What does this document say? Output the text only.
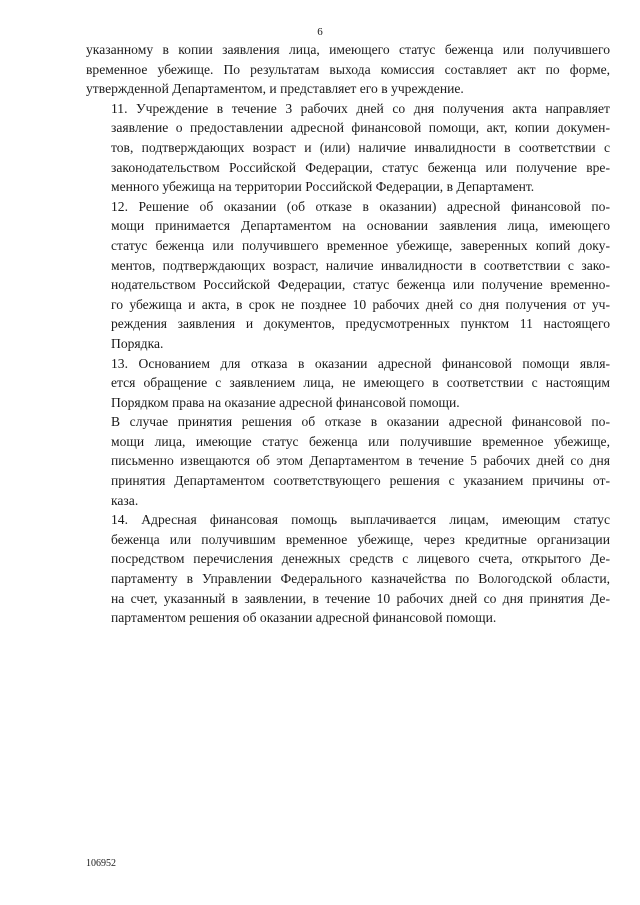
6

указанному в копии заявления лица, имеющего статус беженца или получившего
временное убежище. По результатам выхода комиссия составляет акт по форме,
утвержденной Департаментом, и представляет его в учреждение.

11. Учреждение в течение 3 рабочих дней со дня получения акта направляет
заявление о предоставлении адресной финансовой помощи, акт, копии докумен-
тов, подтверждающих возраст и (или) наличие инвалидности в соответствии с
законодательством Российской Федерации, статус беженца или получение вре-
менного убежища на территории Российской Федерации, в Департамент.

12. Решение об оказании (об отказе в оказании) адресной финансовой по-
мощи принимается Департаментом на основании заявления лица, имеющего
статус беженца или получившего временное убежище, заверенных копий доку-
ментов, подтверждающих возраст, наличие инвалидности в соответствии с зако-
нодательством Российской Федерации, статус беженца или получение временно-
го убежища и акта, в срок не позднее 10 рабочих дней со дня получения от уч-
реждения заявления и документов, предусмотренных пунктом 11 настоящего
Порядка.

13. Основанием для отказа в оказании адресной финансовой помощи явля-
ется обращение с заявлением лица, не имеющего в соответствии с настоящим
Порядком права на оказание адресной финансовой помощи.

В случае принятия решения об отказе в оказании адресной финансовой по-
мощи лица, имеющие статус беженца или получившие временное убежище,
письменно извещаются об этом Департаментом в течение 5 рабочих дней со дня
принятия Департаментом соответствующего решения с указанием причины от-
каза.

14. Адресная финансовая помощь выплачивается лицам, имеющим статус
беженца или получившим временное убежище, через кредитные организации
посредством перечисления денежных средств с лицевого счета, открытого Де-
партаменту в Управлении Федерального казначейства по Вологодской области,
на счет, указанный в заявлении, в течение 10 рабочих дней со дня принятия Де-
партаментом решения об оказании адресной финансовой помощи.

106952
